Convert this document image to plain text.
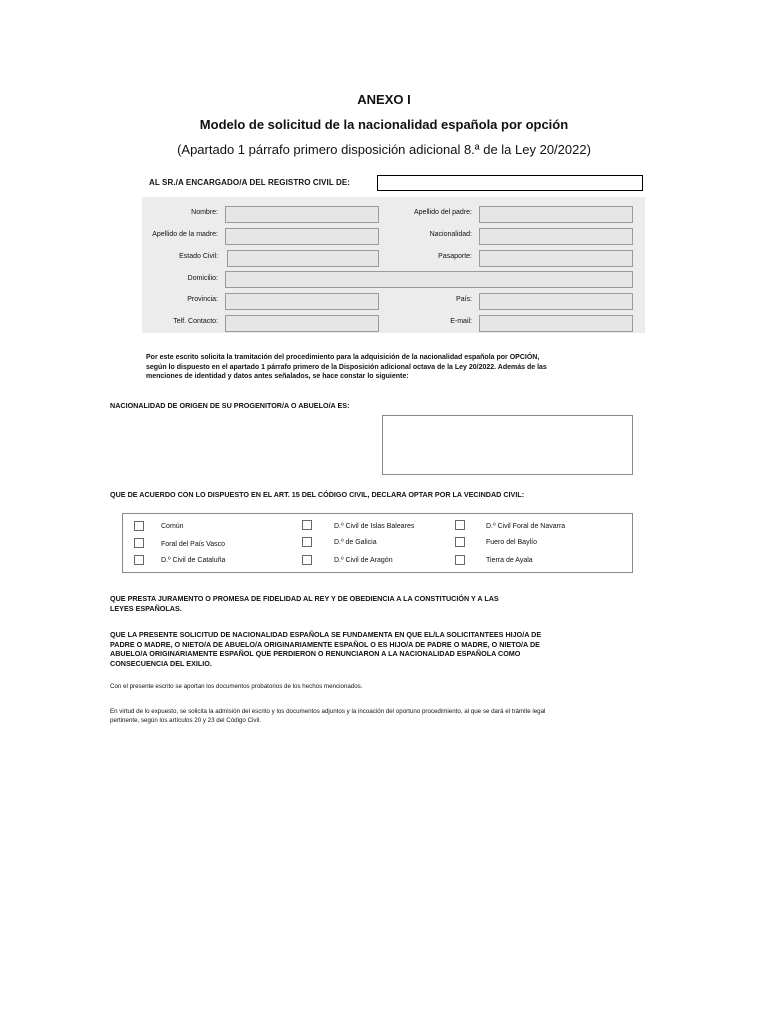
ANEXO I
Modelo de solicitud de la nacionalidad española por opción
(Apartado 1 párrafo primero disposición adicional 8.ª de la Ley 20/2022)
AL SR./A ENCARGADO/A DEL REGISTRO CIVIL DE:
Nombre:	Apellido del padre:
Apellido de la madre:	Nacionalidad:
Estado Civil:	Pasaporte:
Domicilio:
Provincia:	País:
Telf. Contacto:	E-mail:
Por este escrito solicita la tramitación del procedimiento para la adquisición de la nacionalidad española por OPCIÓN,
según lo dispuesto en el apartado 1 párrafo primero de la Disposición adicional octava de la Ley 20/2022. Además de las
menciones de identidad y datos antes señalados, se hace constar lo siguiente:
NACIONALIDAD DE ORIGEN DE SU PROGENITOR/A O ABUELO/A ES:
QUE DE ACUERDO CON LO DISPUESTO EN EL ART. 15 DEL CÓDIGO CIVIL, DECLARA OPTAR POR LA VECINDAD CIVIL:
Común
Foral del País Vasco
D.º Civil de Cataluña
D.º Civil de Islas Baleares
D.º de Galicia
D.º Civil de Aragón
D.º Civil Foral de Navarra
Fuero del Baylío
Tierra de Ayala
QUE PRESTA JURAMENTO O PROMESA DE FIDELIDAD AL REY Y DE OBEDIENCIA A LA CONSTITUCIÓN Y A LAS
LEYES ESPAÑOLAS.
QUE LA PRESENTE SOLICITUD DE NACIONALIDAD ESPAÑOLA SE FUNDAMENTA EN QUE EL/LA SOLICITANTEES HIJO/A DE
PADRE O MADRE, O NIETO/A DE ABUELO/A ORIGINARIAMENTE ESPAÑOL O ES HIJO/A DE PADRE O MADRE, O NIETO/A DE
ABUELO/A ORIGINARIAMENTE ESPAÑOL QUE PERDIERON O RENUNCIARON A LA NACIONALIDAD ESPAÑOLA COMO
CONSECUENCIA DEL EXILIO.
Con el presente escrito se aportan los documentos probatorios de los hechos mencionados.
En virtud de lo expuesto, se solicita la admisión del escrito y los documentos adjuntos y la incoación del oportuno procedimiento, al que se dará el trámite legal
pertinente, según los artículos 20 y 23 del Código Civil.
